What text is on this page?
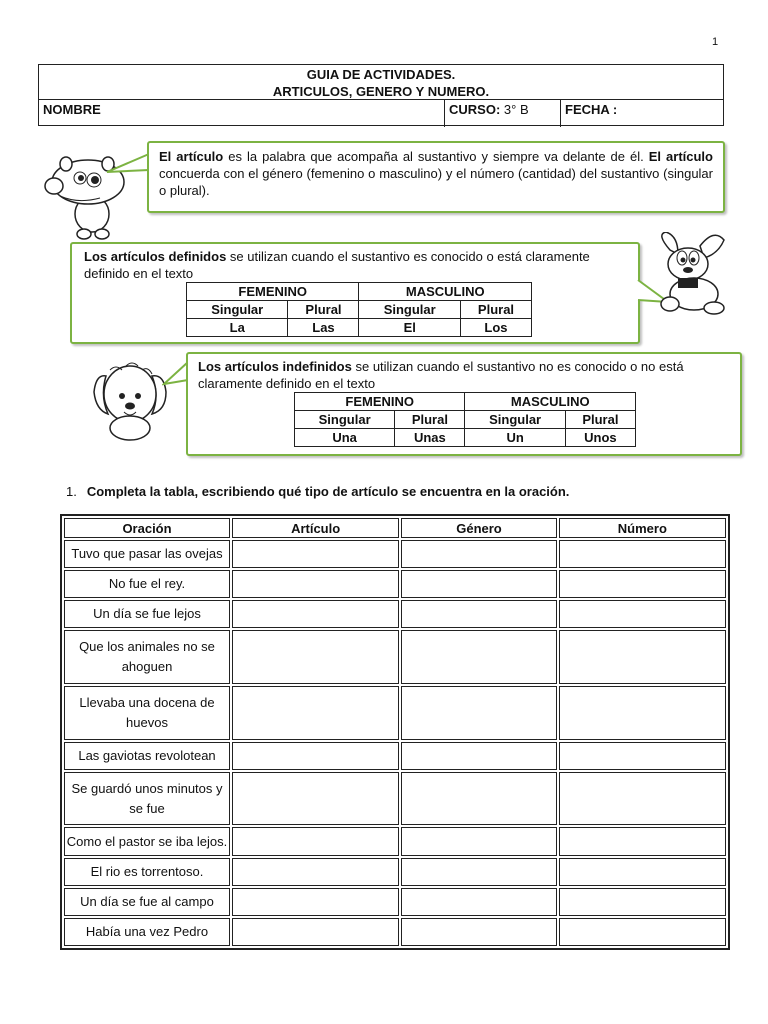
1
GUIA DE ACTIVIDADES.
ARTICULOS, GENERO Y NUMERO.
NOMBRE	CURSO: 3° B	FECHA :
El artículo es la palabra que acompaña al sustantivo y siempre va delante de él. El artículo concuerda con el género (femenino o masculino) y el número (cantidad) del sustantivo (singular o plural).
Los artículos definidos se utilizan cuando el sustantivo es conocido o está claramente definido en el texto
FEMENINO		MASCULINO	
Singular	Plural	Singular	Plural
La	Las	El	Los
Los artículos indefinidos se utilizan cuando el sustantivo no es conocido o no está claramente definido en el texto
FEMENINO		MASCULINO	
Singular	Plural	Singular	Plural
Una	Unas	Un	Unos
1. Completa la tabla, escribiendo qué tipo de artículo se encuentra en la oración.
Oración	Artículo	Género	Número
Tuvo que pasar las ovejas			
No fue el rey.			
Un día se fue lejos			
Que los animales no se ahoguen			
Llevaba una docena de huevos			
Las gaviotas revolotean			
Se guardó unos minutos y se fue			
Como el pastor se iba lejos.			
El rio es torrentoso.			
Un día se fue al campo			
Había una vez Pedro			
